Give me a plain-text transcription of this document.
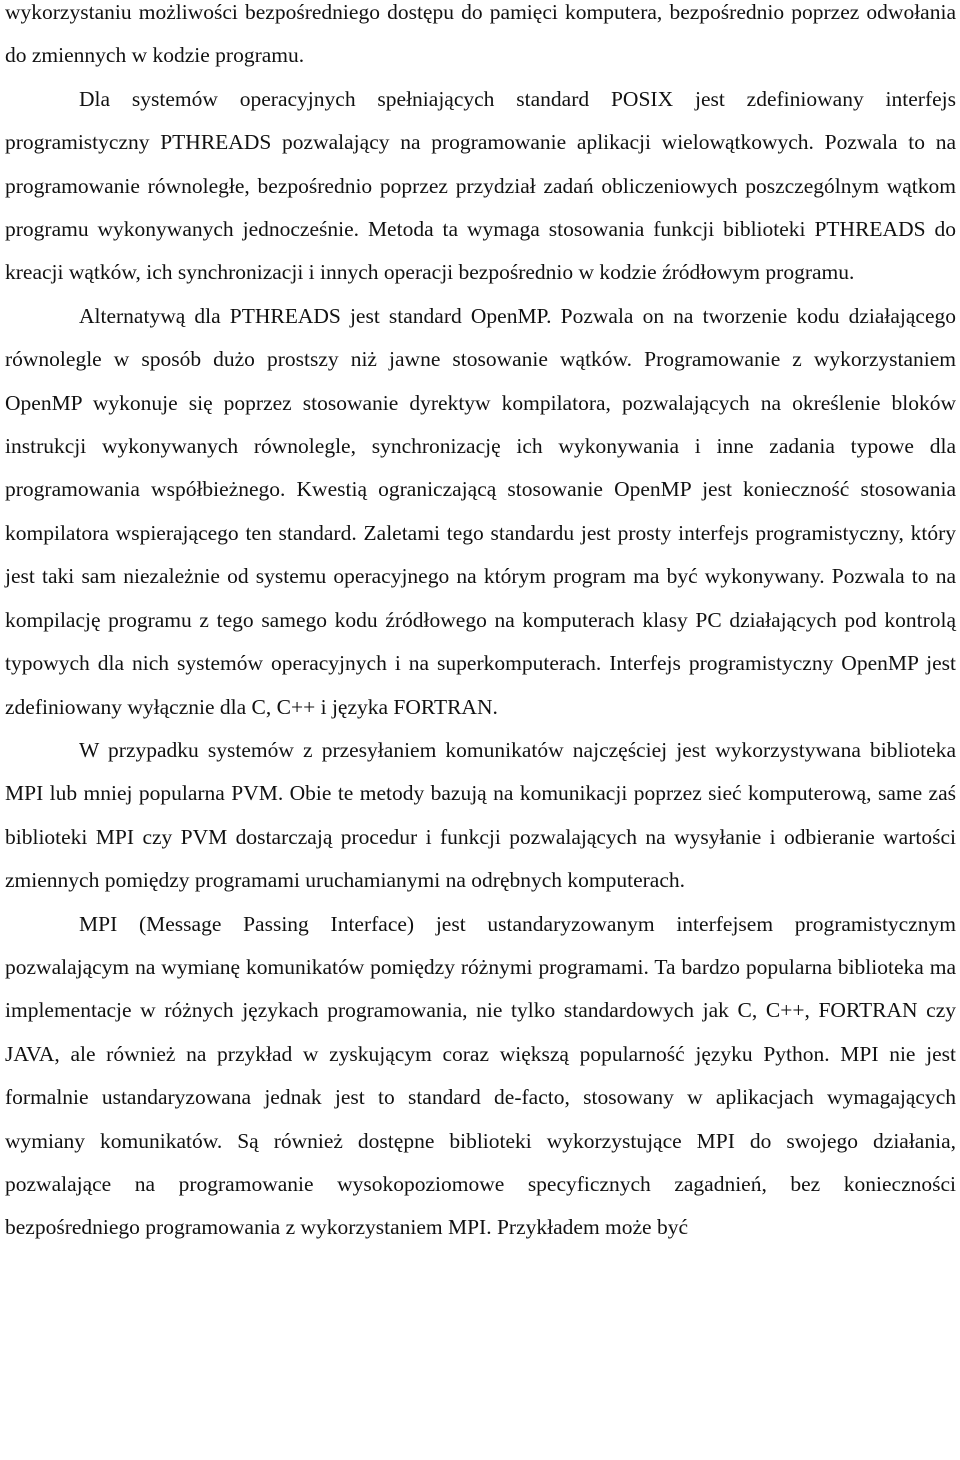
wykorzystaniu możliwości bezpośredniego dostępu do pamięci komputera, bezpośrednio poprzez odwołania do zmiennych w kodzie programu.

Dla systemów operacyjnych spełniających standard POSIX jest zdefiniowany interfejs programistyczny PTHREADS pozwalający na programowanie aplikacji wielowątkowych. Pozwala to na programowanie równoległe, bezpośrednio poprzez przydział zadań obliczeniowych poszczególnym wątkom programu wykonywanych jednocześnie. Metoda ta wymaga stosowania funkcji biblioteki PTHREADS do kreacji wątków, ich synchronizacji i innych operacji bezpośrednio w kodzie źródłowym programu.

Alternatywą dla PTHREADS jest standard OpenMP. Pozwala on na tworzenie kodu działającego równolegle w sposób dużo prostszy niż jawne stosowanie wątków. Programowanie z wykorzystaniem OpenMP wykonuje się poprzez stosowanie dyrektyw kompilatora, pozwalających na określenie bloków instrukcji wykonywanych równolegle, synchronizację ich wykonywania i inne zadania typowe dla programowania współbieżnego. Kwestią ograniczającą stosowanie OpenMP jest konieczność stosowania kompilatora wspierającego ten standard. Zaletami tego standardu jest prosty interfejs programistyczny, który jest taki sam niezależnie od systemu operacyjnego na którym program ma być wykonywany. Pozwala to na kompilację programu z tego samego kodu źródłowego na komputerach klasy PC działających pod kontrolą typowych dla nich systemów operacyjnych i na superkomputerach. Interfejs programistyczny OpenMP jest zdefiniowany wyłącznie dla C, C++ i języka FORTRAN.

W przypadku systemów z przesyłaniem komunikatów najczęściej jest wykorzystywana biblioteka MPI lub mniej popularna PVM. Obie te metody bazują na komunikacji poprzez sieć komputerową, same zaś biblioteki MPI czy PVM dostarczają procedur i funkcji pozwalających na wysyłanie i odbieranie wartości zmiennych pomiędzy programami uruchamianymi na odrębnych komputerach.

MPI (Message Passing Interface) jest ustandaryzowanym interfejsem programistycznym pozwalającym na wymianę komunikatów pomiędzy różnymi programami. Ta bardzo popularna biblioteka ma implementacje w różnych językach programowania, nie tylko standardowych jak C, C++, FORTRAN czy JAVA, ale również na przykład w zyskującym coraz większą popularność języku Python. MPI nie jest formalnie ustandaryzowana jednak jest to standard de-facto, stosowany w aplikacjach wymagających wymiany komunikatów. Są również dostępne biblioteki wykorzystujące MPI do swojego działania, pozwalające na programowanie wysokopoziomowe specyficznych zagadnień, bez konieczności bezpośredniego programowania z wykorzystaniem MPI. Przykładem może być
